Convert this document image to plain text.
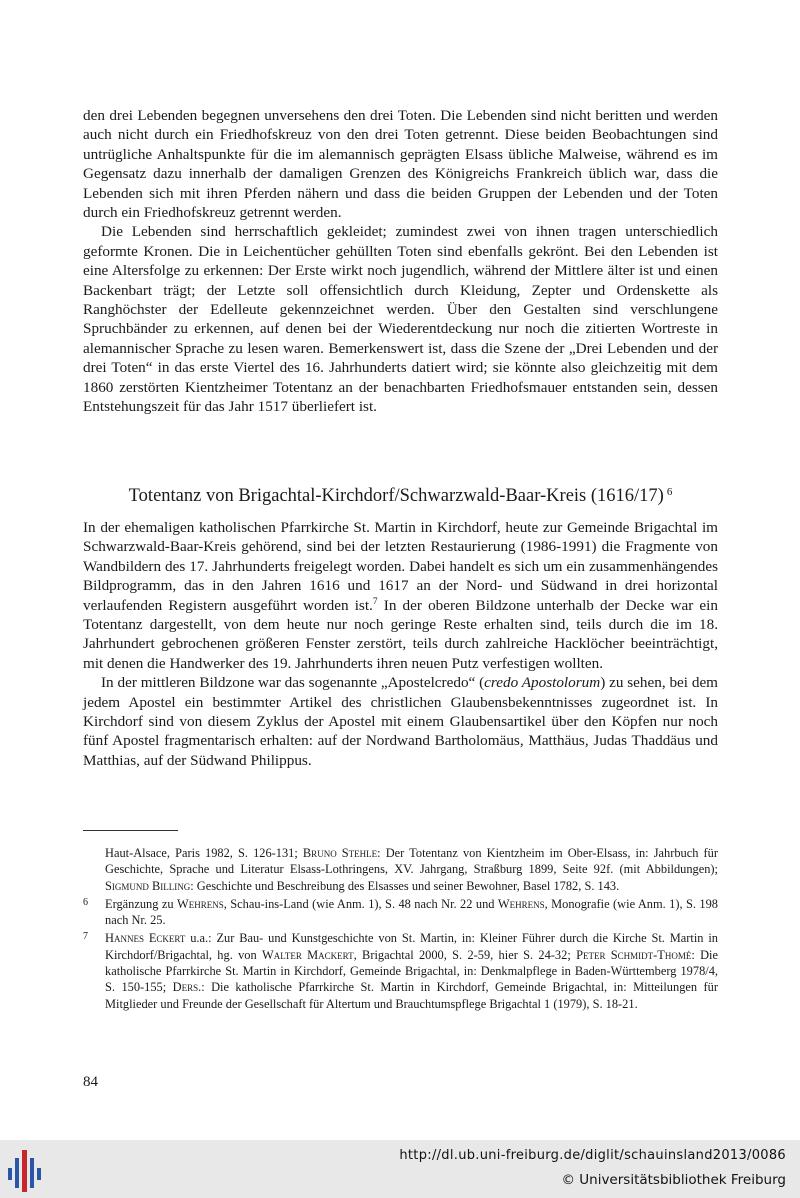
den drei Lebenden begegnen unversehens den drei Toten. Die Lebenden sind nicht beritten und werden auch nicht durch ein Friedhofskreuz von den drei Toten getrennt. Diese beiden Beobachtungen sind untrügliche Anhaltspunkte für die im alemannisch geprägten Elsass übliche Malweise, während es im Gegensatz dazu innerhalb der damaligen Grenzen des Königreichs Frankreich üblich war, dass die Lebenden sich mit ihren Pferden nähern und dass die beiden Gruppen der Lebenden und der Toten durch ein Friedhofskreuz getrennt werden.

Die Lebenden sind herrschaftlich gekleidet; zumindest zwei von ihnen tragen unterschiedlich geformte Kronen. Die in Leichentücher gehüllten Toten sind ebenfalls gekrönt. Bei den Lebenden ist eine Altersfolge zu erkennen: Der Erste wirkt noch jugendlich, während der Mittlere älter ist und einen Backenbart trägt; der Letzte soll offensichtlich durch Kleidung, Zepter und Ordenskette als Ranghöchster der Edelleute gekennzeichnet werden. Über den Gestalten sind verschlungene Spruchbänder zu erkennen, auf denen bei der Wiederentdeckung nur noch die zitierten Wortreste in alemannischer Sprache zu lesen waren. Bemerkenswert ist, dass die Szene der „Drei Lebenden und der drei Toten“ in das erste Viertel des 16. Jahrhunderts datiert wird; sie könnte also gleichzeitig mit dem 1860 zerstörten Kientzheimer Totentanz an der benachbarten Friedhofsmauer entstanden sein, dessen Entstehungszeit für das Jahr 1517 überliefert ist.

Totentanz von Brigachtal-Kirchdorf/Schwarzwald-Baar-Kreis (1616/17) $^6$

In der ehemaligen katholischen Pfarrkirche St. Martin in Kirchdorf, heute zur Gemeinde Brigachtal im Schwarzwald-Baar-Kreis gehörend, sind bei der letzten Restaurierung (1986-1991) die Fragmente von Wandbildern des 17. Jahrhunderts freigelegt worden. Dabei handelt es sich um ein zusammenhängendes Bildprogramm, das in den Jahren 1616 und 1617 an der Nord- und Südwand in drei horizontal verlaufenden Registern ausgeführt worden ist.$^7$ In der oberen Bildzone unterhalb der Decke war ein Totentanz dargestellt, von dem heute nur noch geringe Reste erhalten sind, teils durch die im 18. Jahrhundert gebrochenen größeren Fenster zerstört, teils durch zahlreiche Hacklöcher beeinträchtigt, mit denen die Handwerker des 19. Jahrhunderts ihren neuen Putz verfestigen wollten.

In der mittleren Bildzone war das sogenannte „Apostelcredo“ (credo Apostolorum) zu sehen, bei dem jedem Apostel ein bestimmter Artikel des christlichen Glaubensbekenntnisses zugeordnet ist. In Kirchdorf sind von diesem Zyklus der Apostel mit einem Glaubensartikel über den Köpfen nur noch fünf Apostel fragmentarisch erhalten: auf der Nordwand Bartholomäus, Matthäus, Judas Thaddäus und Matthias, auf der Südwand Philippus.

Haut-Alsace, Paris 1982, S. 126-131; Bruno Stehle: Der Totentanz von Kientzheim im Ober-Elsass, in: Jahrbuch für Geschichte, Sprache und Literatur Elsass-Lothringens, XV. Jahrgang, Straßburg 1899, Seite 92f. (mit Abbildungen); Sigmund Billing: Geschichte und Beschreibung des Elsasses und seiner Bewohner, Basel 1782, S. 143.

6 Ergänzung zu Wehrens, Schau-ins-Land (wie Anm. 1), S. 48 nach Nr. 22 und Wehrens, Monografie (wie Anm. 1), S. 198 nach Nr. 25.

7 Hannes Eckert u.a.: Zur Bau- und Kunstgeschichte von St. Martin, in: Kleiner Führer durch die Kirche St. Martin in Kirchdorf/Brigachtal, hg. von Walter Mackert, Brigachtal 2000, S. 2-59, hier S. 24-32; Peter Schmidt-Thomé: Die katholische Pfarrkirche St. Martin in Kirchdorf, Gemeinde Brigachtal, in: Denkmalpflege in Baden-Württemberg 1978/4, S. 150-155; Ders.: Die katholische Pfarrkirche St. Martin in Kirchdorf, Gemeinde Brigachtal, in: Mitteilungen für Mitglieder und Freunde der Gesellschaft für Altertum und Brauchtumspflege Brigachtal 1 (1979), S. 18-21.

84
http://dl.ub.uni-freiburg.de/diglit/schauinsland2013/0086
© Universitätsbibliothek Freiburg
